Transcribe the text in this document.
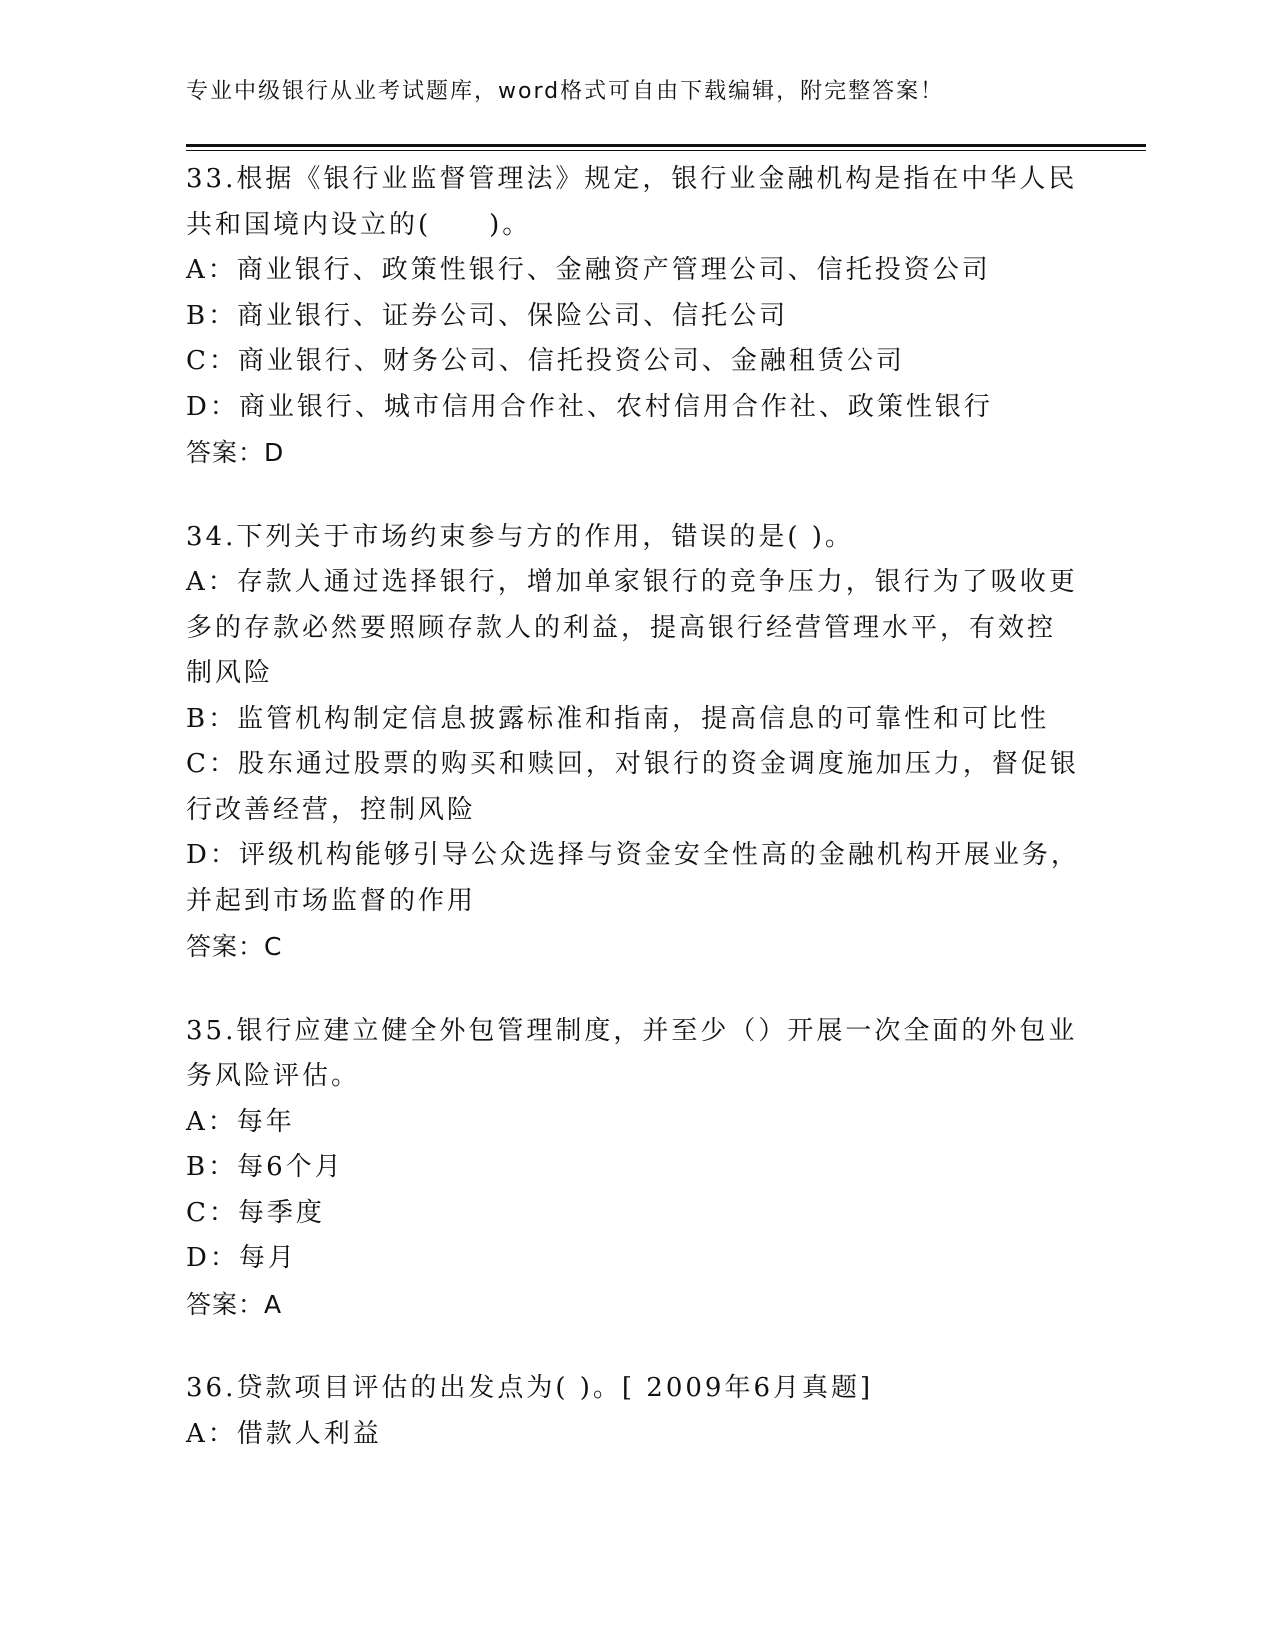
专业中级银行从业考试题库，word格式可自由下载编辑，附完整答案！

33.根据《银行业监督管理法》规定，银行业金融机构是指在中华人民

共和国境内设立的(　　)。

A：商业银行、政策性银行、金融资产管理公司、信托投资公司

B：商业银行、证券公司、保险公司、信托公司

C：商业银行、财务公司、信托投资公司、金融租赁公司

D：商业银行、城市信用合作社、农村信用合作社、政策性银行

答案：D

34.下列关于市场约束参与方的作用，错误的是( )。

A：存款人通过选择银行，增加单家银行的竞争压力，银行为了吸收更

多的存款必然要照顾存款人的利益，提高银行经营管理水平，有效控

制风险

B：监管机构制定信息披露标准和指南，提高信息的可靠性和可比性

C：股东通过股票的购买和赎回，对银行的资金调度施加压力，督促银

行改善经营，控制风险

D：评级机构能够引导公众选择与资金安全性高的金融机构开展业务，

并起到市场监督的作用

答案：C

35.银行应建立健全外包管理制度，并至少（）开展一次全面的外包业

务风险评估。

A：每年

B：每6个月

C：每季度

D：每月

答案：A

36.贷款项目评估的出发点为( )。[ 2009年6月真题]

A：借款人利益
